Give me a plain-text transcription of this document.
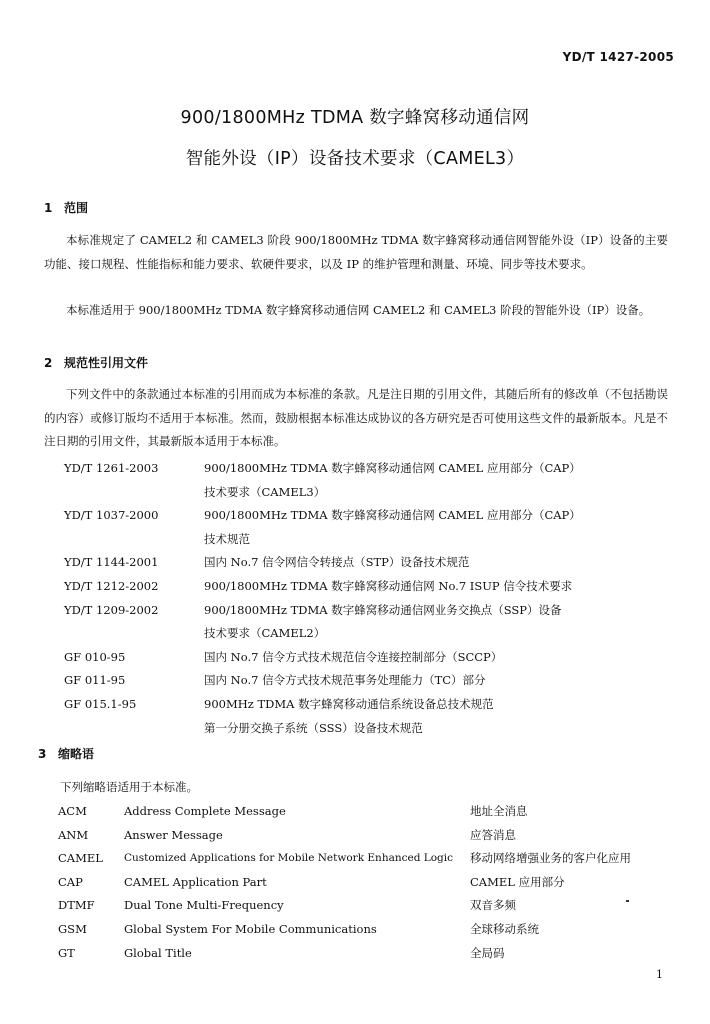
YD/T 1427-2005
900/1800MHz TDMA 数字蜂窝移动通信网
智能外设（IP）设备技术要求（CAMEL3）
1 范围
本标准规定了 CAMEL2 和 CAMEL3 阶段 900/1800MHz TDMA 数字蜂窝移动通信网智能外设（IP）设备的主要功能、接口规程、性能指标和能力要求、软硬件要求，以及 IP 的维护管理和测量、环境、同步等技术要求。
本标准适用于 900/1800MHz TDMA 数字蜂窝移动通信网 CAMEL2 和 CAMEL3 阶段的智能外设（IP）设备。
2 规范性引用文件
下列文件中的条款通过本标准的引用而成为本标准的条款。凡是注日期的引用文件，其随后所有的修改单（不包括勘误的内容）或修订版均不适用于本标准。然而，鼓励根据本标准达成协议的各方研究是否可使用这些文件的最新版本。凡是不注日期的引用文件，其最新版本适用于本标准。
YD/T 1261-2003	900/1800MHz TDMA 数字蜂窝移动通信网 CAMEL 应用部分（CAP）
技术要求（CAMEL3）
YD/T 1037-2000	900/1800MHz TDMA 数字蜂窝移动通信网 CAMEL 应用部分（CAP）
技术规范
YD/T 1144-2001	国内 No.7 信令网信令转接点（STP）设备技术规范
YD/T 1212-2002	900/1800MHz TDMA 数字蜂窝移动通信网 No.7 ISUP 信令技术要求
YD/T 1209-2002	900/1800MHz TDMA 数字蜂窝移动通信网业务交换点（SSP）设备
技术要求（CAMEL2）
GF 010-95	国内 No.7 信令方式技术规范信令连接控制部分（SCCP）
GF 011-95	国内 No.7 信令方式技术规范事务处理能力（TC）部分
GF 015.1-95	900MHz TDMA 数字蜂窝移动通信系统设备总技术规范
第一分册交换子系统（SSS）设备技术规范
3 缩略语
下列缩略语适用于本标准。
ACM	Address Complete Message	地址全消息
ANM	Answer Message	应答消息
CAMEL	Customized Applications for Mobile Network Enhanced Logic	移动网络增强业务的客户化应用
CAP	CAMEL Application Part	CAMEL 应用部分
DTMF	Dual Tone Multi-Frequency	双音多频
GSM	Global System For Mobile Communications	全球移动系统
GT	Global Title	全局码
1
